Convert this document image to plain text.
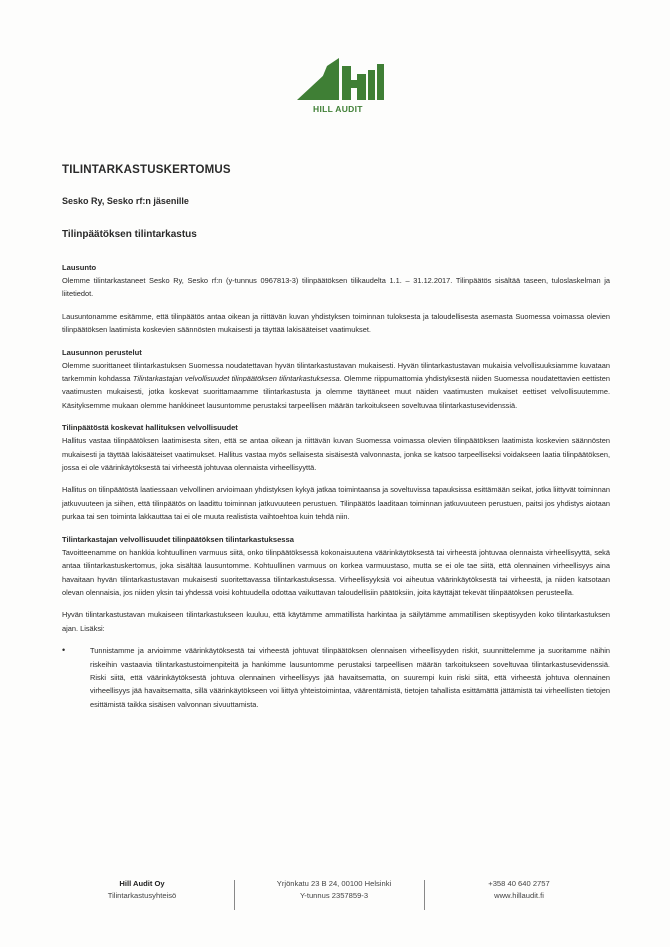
HILL AUDIT
TILINTARKASTUSKERTOMUS
Sesko Ry, Sesko rf:n jäsenille
Tilinpäätöksen tilintarkastus
Lausunto

Olemme tilintarkastaneet Sesko Ry, Sesko rf:n (y-tunnus 0967813-3) tilinpäätöksen tilikaudelta 1.1. – 31.12.2017. Tilinpäätös sisältää taseen, tuloslaskelman ja liitetiedot.

Lausuntonamme esitämme, että tilinpäätös antaa oikean ja riittävän kuvan yhdistyksen toiminnan tuloksesta ja taloudellisesta asemasta Suomessa voimassa olevien tilinpäätöksen laatimista koskevien säännösten mukaisesti ja täyttää lakisääteiset vaatimukset.

Lausunnon perustelut

Olemme suorittaneet tilintarkastuksen Suomessa noudatettavan hyvän tilintarkastustavan mukaisesti. Hyvän tilintarkastustavan mukaisia velvollisuuksiamme kuvataan tarkemmin kohdassa Tilintarkastajan velvollisuudet tilinpäätöksen tilintarkastuksessa. Olemme riippumattomia yhdistyksestä niiden Suomessa noudatettavien eettisten vaatimusten mukaisesti, jotka koskevat suorittamaamme tilintarkastusta ja olemme täyttäneet muut näiden vaatimusten mukaiset eettiset velvollisuutemme. Käsityksemme mukaan olemme hankkineet lausuntomme perustaksi tarpeellisen määrän tarkoitukseen soveltuvaa tilintarkastusevidenssiä.

Tilinpäätöstä koskevat hallituksen velvollisuudet

Hallitus vastaa tilinpäätöksen laatimisesta siten, että se antaa oikean ja riittävän kuvan Suomessa voimassa olevien tilinpäätöksen laatimista koskevien säännösten mukaisesti ja täyttää lakisääteiset vaatimukset. Hallitus vastaa myös sellaisesta sisäisestä valvonnasta, jonka se katsoo tarpeelliseksi voidakseen laatia tilinpäätöksen, jossa ei ole väärinkäytöksestä tai virheestä johtuvaa olennaista virheellisyyttä.

Hallitus on tilinpäätöstä laatiessaan velvollinen arvioimaan yhdistyksen kykyä jatkaa toimintaansa ja soveltuvissa tapauksissa esittämään seikat, jotka liittyvät toiminnan jatkuvuuteen ja siihen, että tilinpäätös on laadittu toiminnan jatkuvuuteen perustuen. Tilinpäätös laaditaan toiminnan jatkuvuuteen perustuen, paitsi jos yhdistys aiotaan purkaa tai sen toiminta lakkauttaa tai ei ole muuta realistista vaihtoehtoa kuin tehdä niin.

Tilintarkastajan velvollisuudet tilinpäätöksen tilintarkastuksessa

Tavoitteenamme on hankkia kohtuullinen varmuus siitä, onko tilinpäätöksessä kokonaisuutena väärinkäytöksestä tai virheestä johtuvaa olennaista virheellisyyttä, sekä antaa tilintarkastuskertomus, joka sisältää lausuntomme. Kohtuullinen varmuus on korkea varmuustaso, mutta se ei ole tae siitä, että olennainen virheellisyys aina havaitaan hyvän tilintarkastustavan mukaisesti suoritettavassa tilintarkastuksessa. Virheellisyyksiä voi aiheutua väärinkäytöksestä tai virheestä, ja niiden katsotaan olevan olennaisia, jos niiden yksin tai yhdessä voisi kohtuudella odottaa vaikuttavan taloudellisiin päätöksiin, joita käyttäjät tekevät tilinpäätöksen perusteella.

Hyvän tilintarkastustavan mukaiseen tilintarkastukseen kuuluu, että käytämme ammatillista harkintaa ja säilytämme ammatillisen skeptisyyden koko tilintarkastuksen ajan. Lisäksi:

•	Tunnistamme ja arvioimme väärinkäytöksestä tai virheestä johtuvat tilinpäätöksen olennaisen virheellisyyden riskit, suunnittelemme ja suoritamme näihin riskeihin vastaavia tilintarkastustoimenpiteitä ja hankimme lausuntomme perustaksi tarpeellisen määrän tarkoitukseen soveltuvaa tilintarkastusevidenssiä. Riski siitä, että väärinkäytöksestä johtuva olennainen virheellisyys jää havaitsematta, on suurempi kuin riski siitä, että virheestä johtuva olennainen virheellisyys jää havaitsematta, sillä väärinkäytökseen voi liittyä yhteistoimintaa, väärentämistä, tietojen tahallista esittämättä jättämistä tai virheellisten tietojen esittämistä taikka sisäisen valvonnan sivuuttamista.
Hill Audit Oy
Tilintarkastusyhteisö
Yrjönkatu 23 B 24, 00100 Helsinki
Y-tunnus 2357859-3
+358 40 640 2757
www.hillaudit.fi
